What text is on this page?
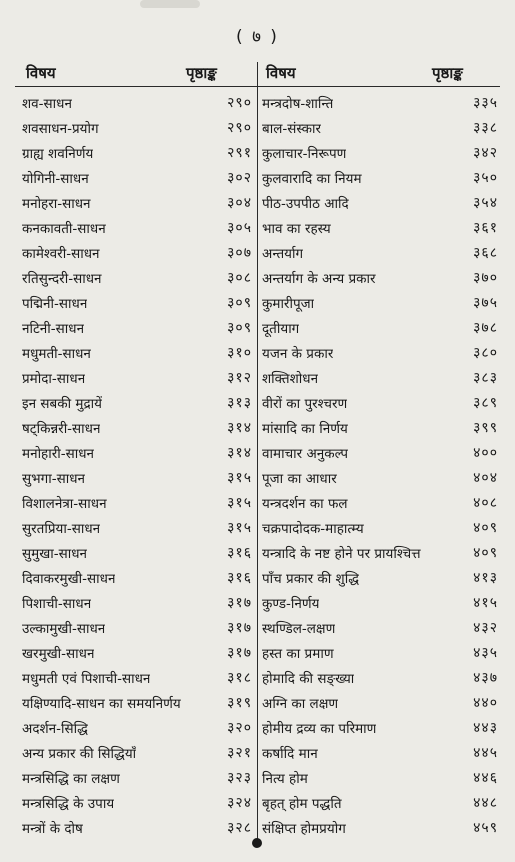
( ७ )
विषय	पृष्ठाङ्क	विषय	पृष्ठाङ्क
शव-साधन	२९०
शवसाधन-प्रयोग	२९०
ग्राह्य शवनिर्णय	२९१
योगिनी-साधन	३०२
मनोहरा-साधन	३०४
कनकावती-साधन	३०५
कामेश्वरी-साधन	३०७
रतिसुन्दरी-साधन	३०८
पद्मिनी-साधन	३०९
नटिनी-साधन	३०९
मधुमती-साधन	३१०
प्रमोदा-साधन	३१२
इन सबकी मुद्रायें	३१३
षट्किन्नरी-साधन	३१४
मनोहारी-साधन	३१४
सुभगा-साधन	३१५
विशालनेत्रा-साधन	३१५
सुरतप्रिया-साधन	३१५
सुमुखा-साधन	३१६
दिवाकरमुखी-साधन	३१६
पिशाची-साधन	३१७
उल्कामुखी-साधन	३१७
खरमुखी-साधन	३१७
मधुमती एवं पिशाची-साधन	३१८
यक्षिण्यादि-साधन का समयनिर्णय	३१९
अदर्शन-सिद्धि	३२०
अन्य प्रकार की सिद्धियाँ	३२१
मन्त्रसिद्धि का लक्षण	३२३
मन्त्रसिद्धि के उपाय	३२४
मन्त्रों के दोष	३२८
मन्त्रदोष-शान्ति	३३५
बाल-संस्कार	३३८
कुलाचार-निरूपण	३४२
कुलवारादि का नियम	३५०
पीठ-उपपीठ आदि	३५४
भाव का रहस्य	३६१
अन्तर्याग	३६८
अन्तर्याग के अन्य प्रकार	३७०
कुमारीपूजा	३७५
दूतीयाग	३७८
यजन के प्रकार	३८०
शक्तिशोधन	३८३
वीरों का पुरश्चरण	३८९
मांसादि का निर्णय	३९९
वामाचार अनुकल्प	४००
पूजा का आधार	४०४
यन्त्रदर्शन का फल	४०८
चक्रपादोदक-माहात्म्य	४०९
यन्त्रादि के नष्ट होने पर प्रायश्चित्त	४०९
पाँच प्रकार की शुद्धि	४१३
कुण्ड-निर्णय	४१५
स्थण्डिल-लक्षण	४३२
हस्त का प्रमाण	४३५
होमादि की सङ्ख्या	४३७
अग्नि का लक्षण	४४०
होमीय द्रव्य का परिमाण	४४३
कर्षादि मान	४४५
नित्य होम	४४६
बृहत् होम पद्धति	४४८
संक्षिप्त होमप्रयोग	४५९
